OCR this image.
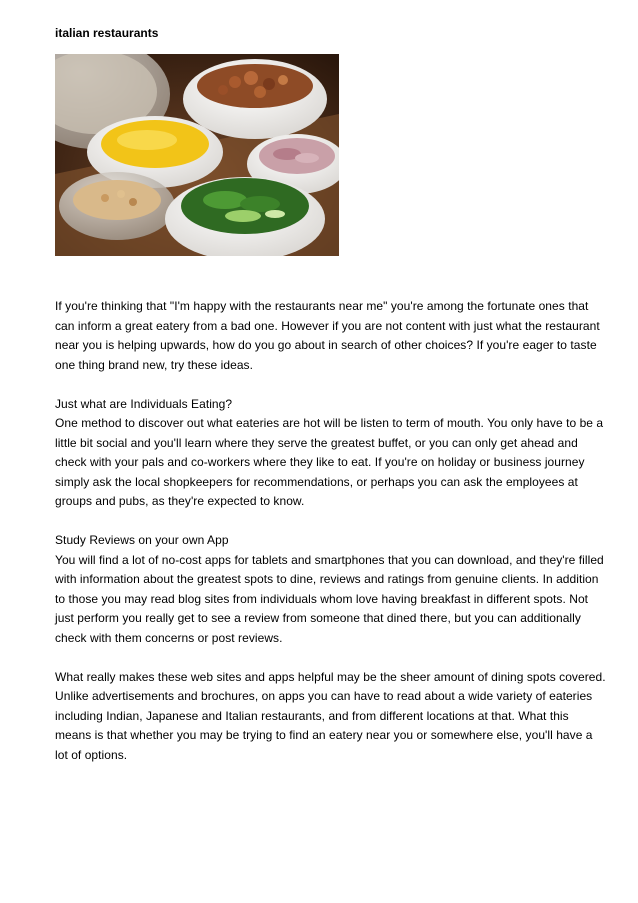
italian restaurants

If you're thinking that "I'm happy with the restaurants near me" you're among the fortunate ones that can inform a great eatery from a bad one. However if you are not content with just what the restaurant near you is helping upwards, how do you go about in search of other choices? If you're eager to taste one thing brand new, try these ideas.

Just what are Individuals Eating?
One method to discover out what eateries are hot will be listen to term of mouth. You only have to be a little bit social and you'll learn where they serve the greatest buffet, or you can only get ahead and check with your pals and co-workers where they like to eat. If you're on holiday or business journey simply ask the local shopkeepers for recommendations, or perhaps you can ask the employees at groups and pubs, as they're expected to know.

Study Reviews on your own App
You will find a lot of no-cost apps for tablets and smartphones that you can download, and they're filled with information about the greatest spots to dine, reviews and ratings from genuine clients. In addition to those you may read blog sites from individuals whom love having breakfast in different spots. Not just perform you really get to see a review from someone that dined there, but you can additionally check with them concerns or post reviews.

What really makes these web sites and apps helpful may be the sheer amount of dining spots covered. Unlike advertisements and brochures, on apps you can have to read about a wide variety of eateries including Indian, Japanese and Italian restaurants, and from different locations at that. What this means is that whether you may be trying to find an eatery near you or somewhere else, you'll have a lot of options.
